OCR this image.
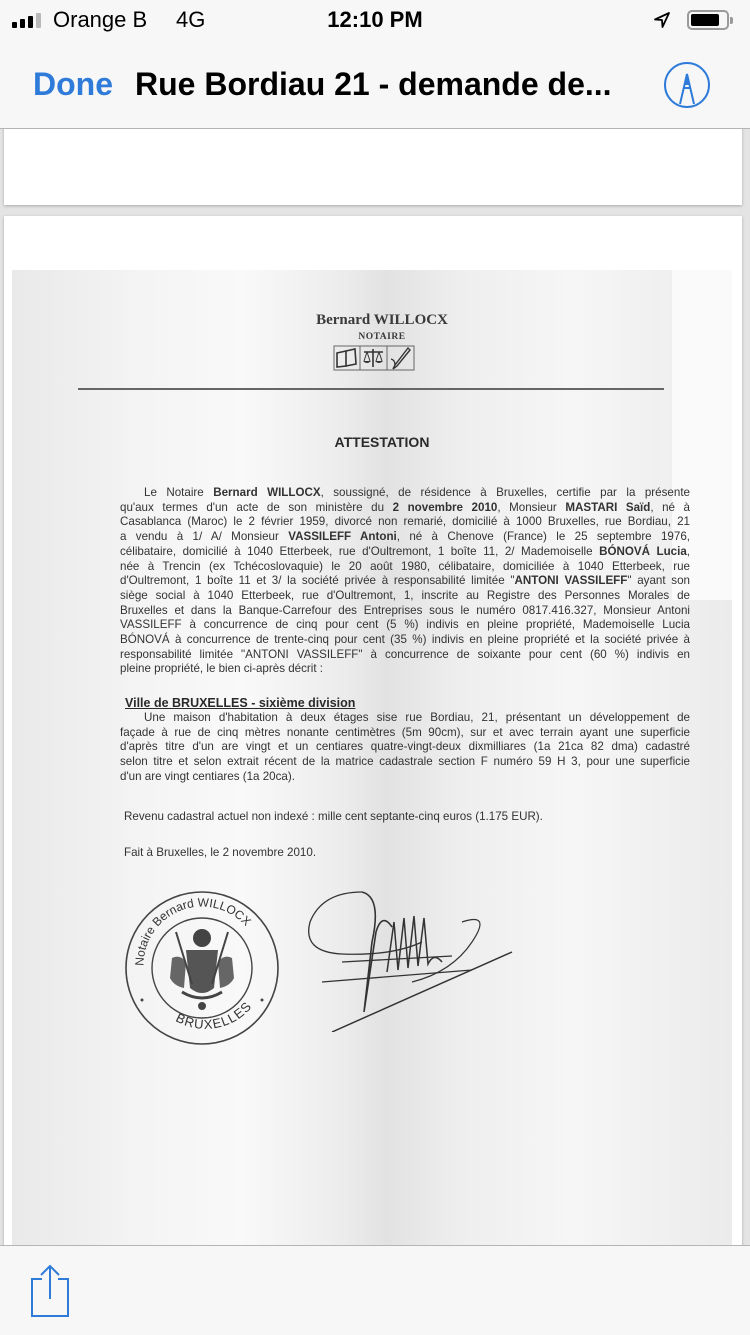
Orange B 4G	12:10 PM
Done Rue Bordiau 21 - demande de...
Bernard WILLOCX
NOTAIRE
ATTESTATION
Le Notaire Bernard WILLOCX, soussigné, de résidence à Bruxelles, certifie par la présente
qu'aux termes d'un acte de son ministère du 2 novembre 2010, Monsieur MASTARI Saïd, né à
Casablanca (Maroc) le 2 février 1959, divorcé non remarié, domicilié à 1000 Bruxelles, rue Bordiau, 21
a vendu à 1/ A/ Monsieur VASSILEFF Antoni, né à Chenove (France) le 25 septembre 1976,
célibataire, domicilié à 1040 Etterbeek, rue d'Oultremont, 1 boîte 11, 2/ Mademoiselle BÓNOVÁ Lucia,
née à Trencin (ex Tchécoslovaquie) le 20 août 1980, célibataire, domiciliée à 1040 Etterbeek, rue
d'Oultremont, 1 boîte 11 et 3/ la société privée à responsabilité limitée "ANTONI VASSILEFF" ayant son
siège social à 1040 Etterbeek, rue d'Oultremont, 1, inscrite au Registre des Personnes Morales de
Bruxelles et dans la Banque-Carrefour des Entreprises sous le numéro 0817.416.327, Monsieur Antoni
VASSILEFF à concurrence de cinq pour cent (5 %) indivis en pleine propriété, Mademoiselle Lucia
BÓNOVÁ à concurrence de trente-cinq pour cent (35 %) indivis en pleine propriété et la société privée à
responsabilité limitée "ANTONI VASSILEFF" à concurrence de soixante pour cent (60 %) indivis en
pleine propriété, le bien ci-après décrit :
Ville de BRUXELLES - sixième division
Une maison d'habitation à deux étages sise rue Bordiau, 21, présentant un développement de
façade à rue de cinq mètres nonante centimètres (5m 90cm), sur et avec terrain ayant une superficie
d'après titre d'un are vingt et un centiares quatre-vingt-deux dixmilliares (1a 21ca 82 dma) cadastré
selon titre et selon extrait récent de la matrice cadastrale section F numéro 59 H 3, pour une superficie
d'un are vingt centiares (1a 20ca).
Revenu cadastral actuel non indexé : mille cent septante-cinq euros (1.175 EUR).
Fait à Bruxelles, le 2 novembre 2010.
Notaire Bernard WILLOCX
BRUXELLES
